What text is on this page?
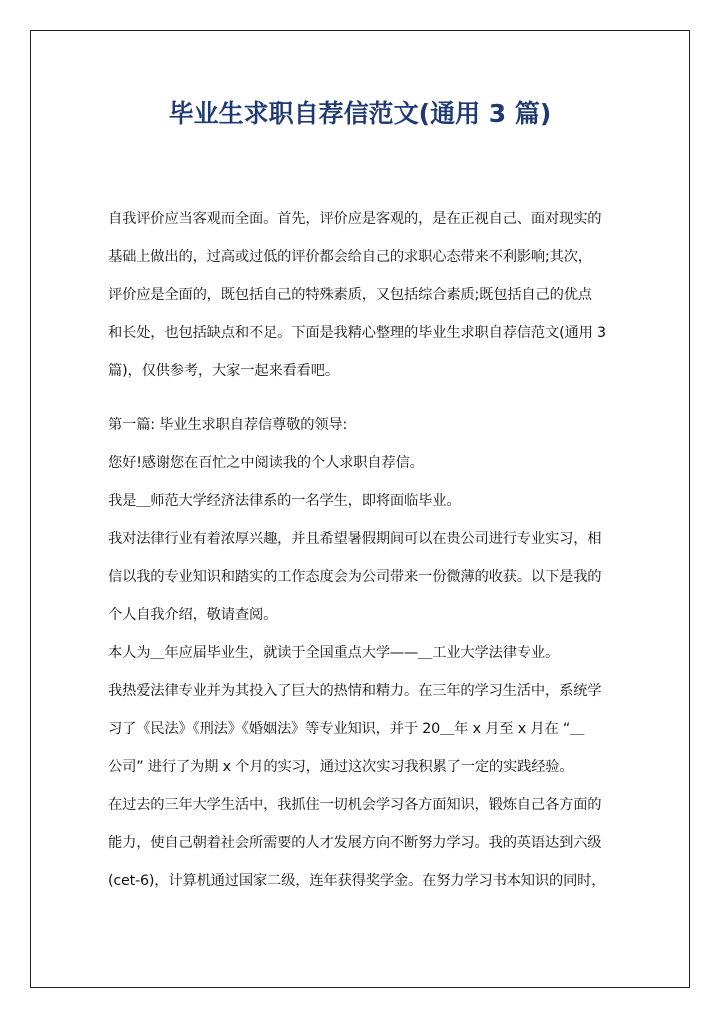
毕业生求职自荐信范文(通用 3 篇)
自我评价应当客观而全面。首先，评价应是客观的，是在正视自己、面对现实的
基础上做出的，过高或过低的评价都会给自己的求职心态带来不利影响;其次，
评价应是全面的，既包括自己的特殊素质，又包括综合素质;既包括自己的优点
和长处，也包括缺点和不足。下面是我精心整理的毕业生求职自荐信范文(通用 3
篇)，仅供参考，大家一起来看看吧。
第一篇: 毕业生求职自荐信尊敬的领导:
您好!感谢您在百忙之中阅读我的个人求职自荐信。
我是＿师范大学经济法律系的一名学生，即将面临毕业。
我对法律行业有着浓厚兴趣，并且希望暑假期间可以在贵公司进行专业实习，相
信以我的专业知识和踏实的工作态度会为公司带来一份微薄的收获。以下是我的
个人自我介绍，敬请查阅。
本人为＿年应届毕业生，就读于全国重点大学——＿工业大学法律专业。
我热爱法律专业并为其投入了巨大的热情和精力。在三年的学习生活中，系统学
习了《民法》《刑法》《婚姻法》等专业知识，并于 20＿年 x 月至 x 月在 “＿
公司” 进行了为期 x 个月的实习，通过这次实习我积累了一定的实践经验。
在过去的三年大学生活中，我抓住一切机会学习各方面知识，锻炼自己各方面的
能力，使自己朝着社会所需要的人才发展方向不断努力学习。我的英语达到六级
(cet-6)，计算机通过国家二级，连年获得奖学金。在努力学习书本知识的同时，
